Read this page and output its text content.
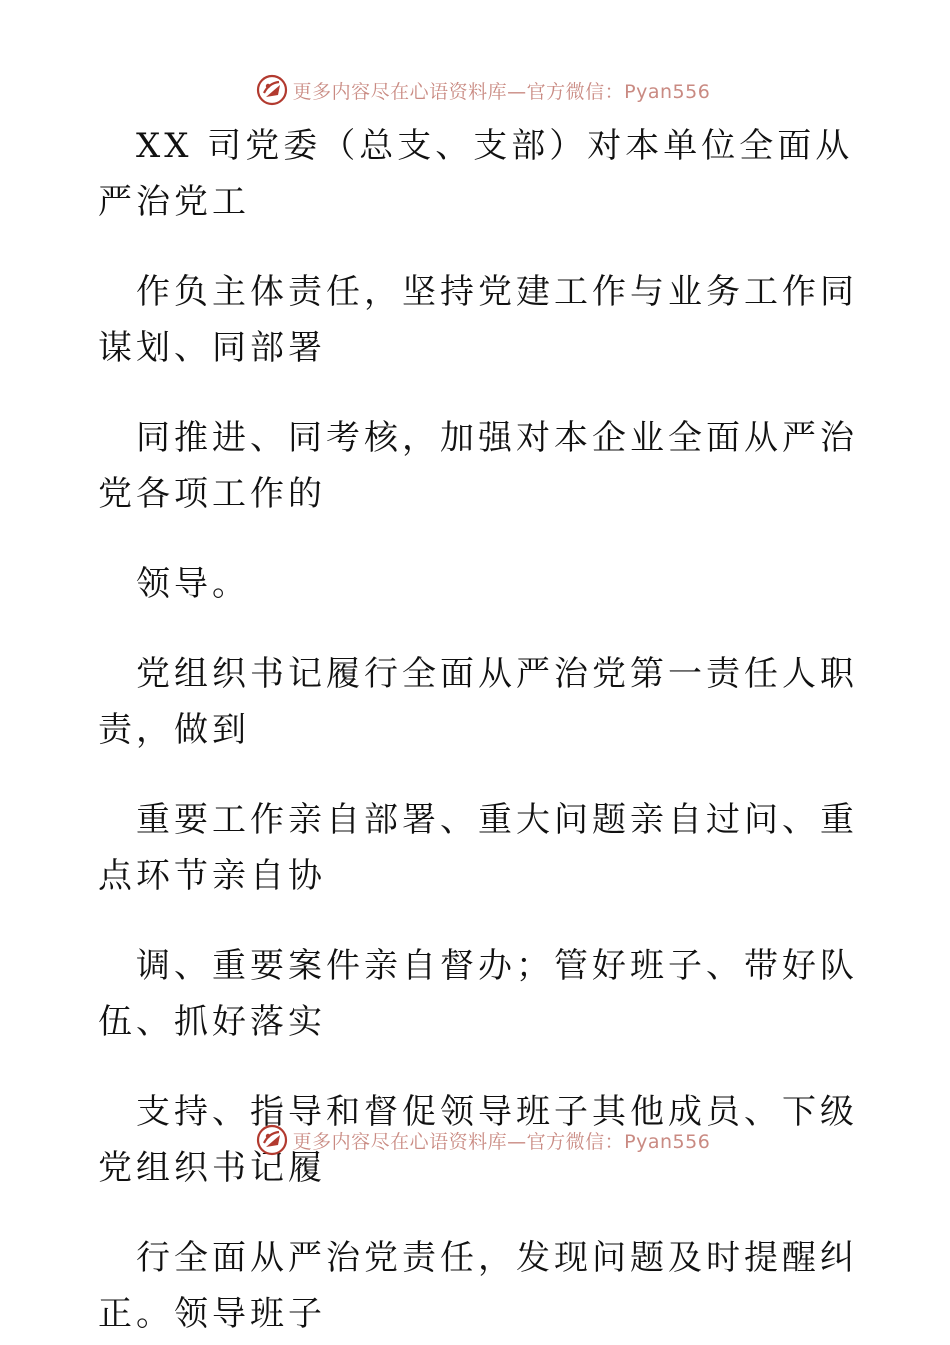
更多内容尽在心语资料库—官方微信：Pyan556

XX 司党委（总支、支部）对本单位全面从严治党工

作负主体责任，坚持党建工作与业务工作同谋划、同部署

同推进、同考核，加强对本企业全面从严治党各项工作的

领导。

党组织书记履行全面从严治党第一责任人职责，做到

重要工作亲自部署、重大问题亲自过问、重点环节亲自协

调、重要案件亲自督办；管好班子、带好队伍、抓好落实

支持、指导和督促领导班子其他成员、下级党组织书记履

行全面从严治党责任，发现问题及时提醒纠正。领导班子

更多内容尽在心语资料库—官方微信：Pyan556
